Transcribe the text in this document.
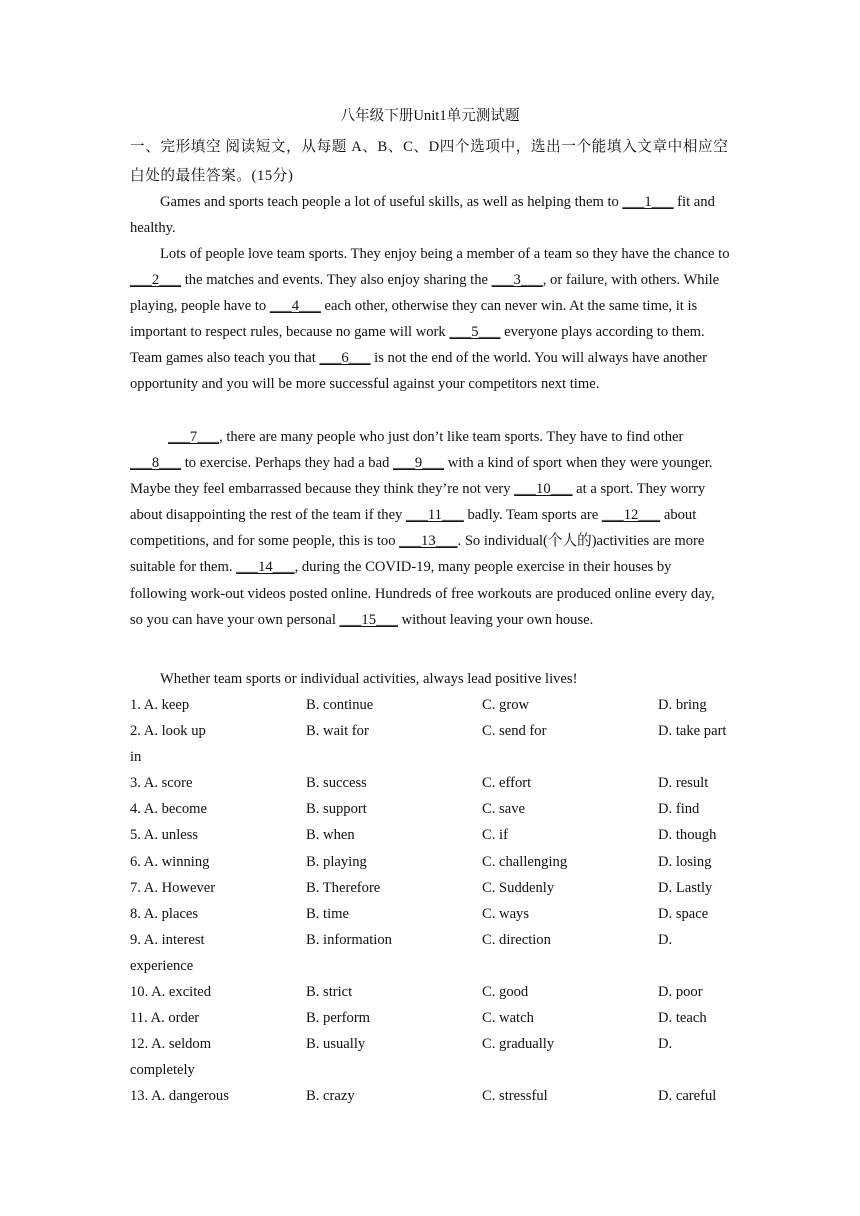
八年级下册Unit1单元测试题
一、完形填空 阅读短文，从每题 A、B、C、D四个选项中，选出一个能填入文章中相应空白处的最佳答案。(15分)
Games and sports teach people a lot of useful skills, as well as helping them to ___1___ fit and healthy.
Lots of people love team sports. They enjoy being a member of a team so they have the chance to ___2___ the matches and events. They also enjoy sharing the ___3___, or failure, with others. While playing, people have to ___4___ each other, otherwise they can never win. At the same time, it is important to respect rules, because no game will work ___5___ everyone plays according to them. Team games also teach you that ___6___ is not the end of the world. You will always have another opportunity and you will be more successful against your competitors next time.
___7___, there are many people who just don’t like team sports. They have to find other ___8___ to exercise. Perhaps they had a bad ___9___ with a kind of sport when they were younger. Maybe they feel embarrassed because they think they’re not very ___10___ at a sport. They worry about disappointing the rest of the team if they ___11___ badly. Team sports are ___12___ about competitions, and for some people, this is too ___13___. So individual(个人的)activities are more suitable for them. ___14___, during the COVID-19, many people exercise in their houses by following work-out videos posted online. Hundreds of free workouts are produced online every day, so you can have your own personal ___15___ without leaving your own house.
Whether team sports or individual activities, always lead positive lives!
1. A. keep	B. continue	C. grow	D. bring
2. A. look up	B. wait for	C. send for	D. take part
in
3. A. score	B. success	C. effort	D. result
4. A. become	B. support	C. save	D. find
5. A. unless	B. when	C. if	D. though
6. A. winning	B. playing	C. challenging	D. losing
7. A. However	B. Therefore	C. Suddenly	D. Lastly
8. A. places	B. time	C. ways	D. space
9. A. interest	B. information	C. direction	D.
experience
10. A. excited	B. strict	C. good	D. poor
11. A. order	B. perform	C. watch	D. teach
12. A. seldom	B. usually	C. gradually	D.
completely
13. A. dangerous	B. crazy	C. stressful	D. careful
